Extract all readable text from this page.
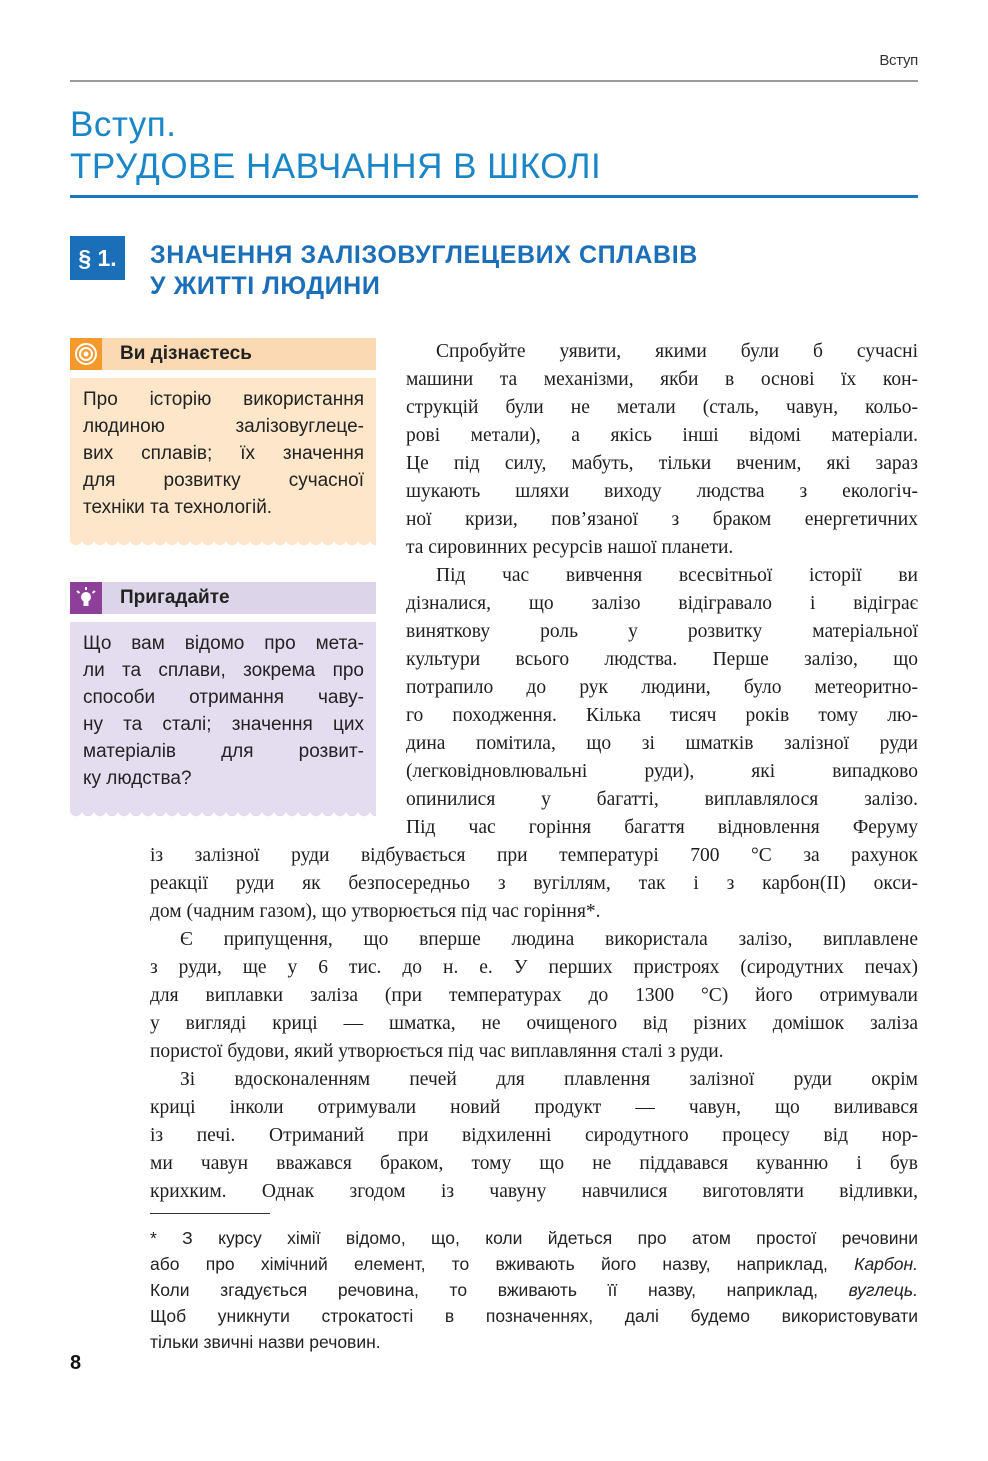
Вступ
Вступ.
ТРУДОВЕ НАВЧАННЯ В ШКОЛІ
§ 1.	ЗНАЧЕННЯ ЗАЛІЗОВУГЛЕЦЕВИХ СПЛАВІВ
У ЖИТТІ ЛЮДИНИ
Ви дізнаєтесь
Про історію використання
людиною залізовуглеце-
вих сплавів; їх значення
для розвитку сучасної
техніки та технологій.
Пригадайте
Що вам відомо про мета-
ли та сплави, зокрема про
способи отримання чаву-
ну та сталі; значення цих
матеріалів для розвит-
ку людства?
Спробуйте уявити, якими були б сучасні
машини та механізми, якби в основі їх кон-
струкцій були не метали (сталь, чавун, кольо-
рові метали), а якісь інші відомі матеріали.
Це під силу, мабуть, тільки вченим, які зараз
шукають шляхи виходу людства з екологіч-
ної кризи, пов’язаної з браком енергетичних
та сировинних ресурсів нашої планети.
Під час вивчення всесвітньої історії ви
дізналися, що залізо відігравало і відіграє
виняткову роль у розвитку матеріальної
культури всього людства. Перше залізо, що
потрапило до рук людини, було метеоритно-
го походження. Кілька тисяч років тому лю-
дина помітила, що зі шматків залізної руди
(легковідновлювальні руди), які випадково
опинилися у багатті, виплавлялося залізо.
Під час горіння багаття відновлення Феруму
із залізної руди відбувається при температурі 700 °С за рахунок
реакції руди як безпосередньо з вугіллям, так і з карбон(II) окси-
дом (чадним газом), що утворюється під час горіння*.
Є припущення, що вперше людина використала залізо, виплавлене
з руди, ще у 6 тис. до н. е. У перших пристроях (сиродутних печах)
для виплавки заліза (при температурах до 1300 °С) його отримували
у вигляді криці — шматка, не очищеного від різних домішок заліза
пористої будови, який утворюється під час виплавляння сталі з руди.
Зі вдосконаленням печей для плавлення залізної руди окрім
криці інколи отримували новий продукт — чавун, що виливався
із печі. Отриманий при відхиленні сиродутного процесу від нор-
ми чавун вважався браком, тому що не піддавався куванню і був
крихким. Однак згодом із чавуну навчилися виготовляти відливки,
* З курсу хімії відомо, що, коли йдеться про атом простої речовини
або про хімічний елемент, то вживають його назву, наприклад, Карбон.
Коли згадується речовина, то вживають її назву, наприклад, вуглець.
Щоб уникнути строкатості в позначеннях, далі будемо використовувати
тільки звичні назви речовин.
8
